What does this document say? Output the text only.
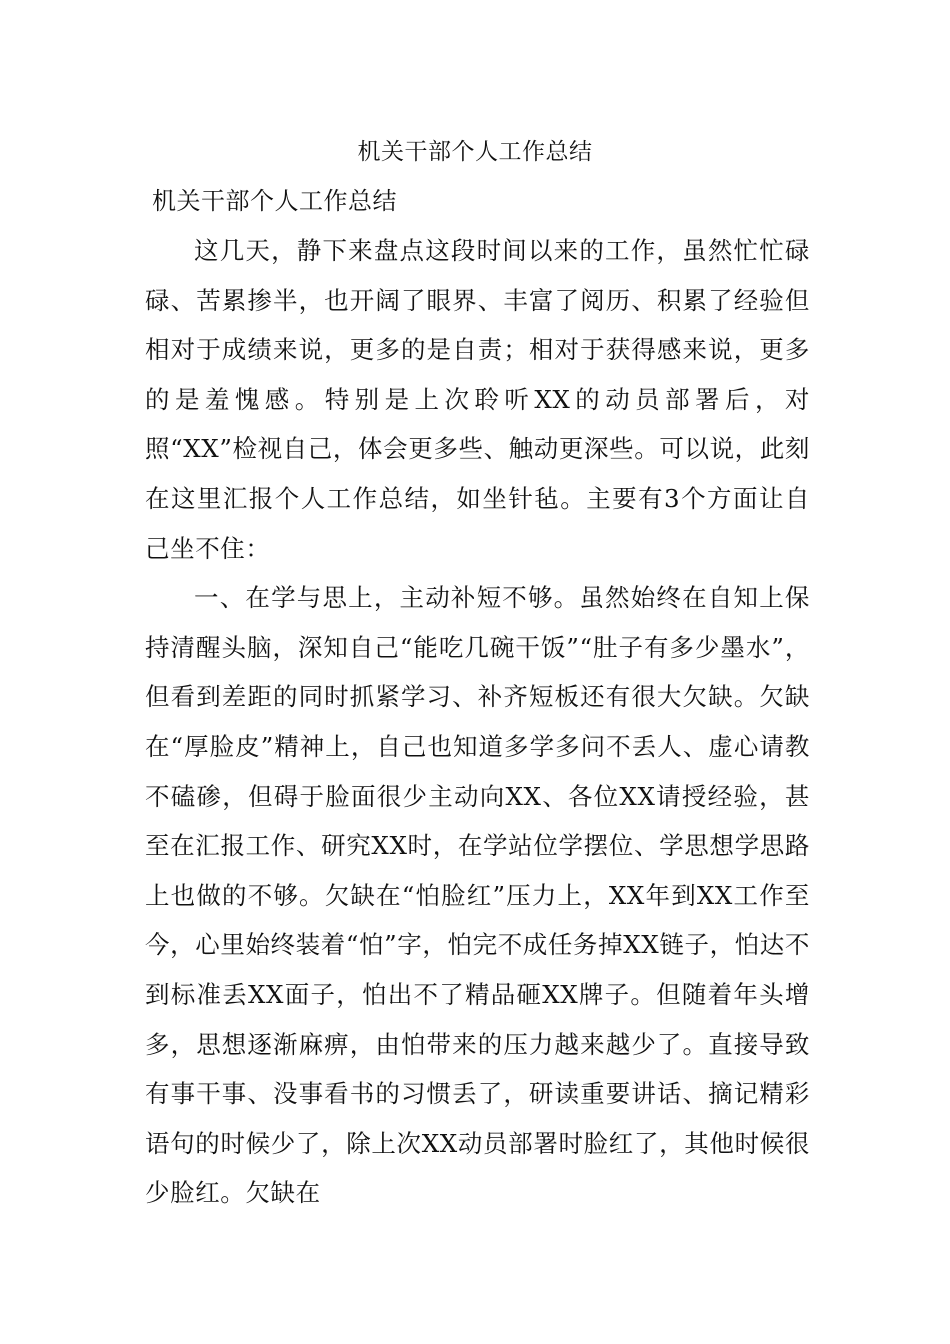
机关干部个人工作总结
机关干部个人工作总结

这几天，静下来盘点这段时间以来的工作，虽然忙忙碌碌、苦累掺半，也开阔了眼界、丰富了阅历、积累了经验但相对于成绩来说，更多的是自责；相对于获得感来说，更多的是羞愧感。特别是上次聆听XX的动员部署后，对照“XX”检视自己，体会更多些、触动更深些。可以说，此刻在这里汇报个人工作总结，如坐针毡。主要有3个方面让自己坐不住：

一、在学与思上，主动补短不够。虽然始终在自知上保持清醒头脑，深知自己“能吃几碗干饭”“肚子有多少墨水”，但看到差距的同时抓紧学习、补齐短板还有很大欠缺。欠缺在“厚脸皮”精神上，自己也知道多学多问不丢人、虚心请教不磕碜，但碍于脸面很少主动向XX、各位XX请授经验，甚至在汇报工作、研究XX时，在学站位学摆位、学思想学思路上也做的不够。欠缺在“怕脸红”压力上，XX年到XX工作至今，心里始终装着“怕”字，怕完不成任务掉XX链子，怕达不到标准丢XX面子，怕出不了精品砸XX牌子。但随着年头增多，思想逐渐麻痹，由怕带来的压力越来越少了。直接导致有事干事、没事看书的习惯丢了，研读重要讲话、摘记精彩语句的时候少了，除上次XX动员部署时脸红了，其他时候很少脸红。欠缺在
